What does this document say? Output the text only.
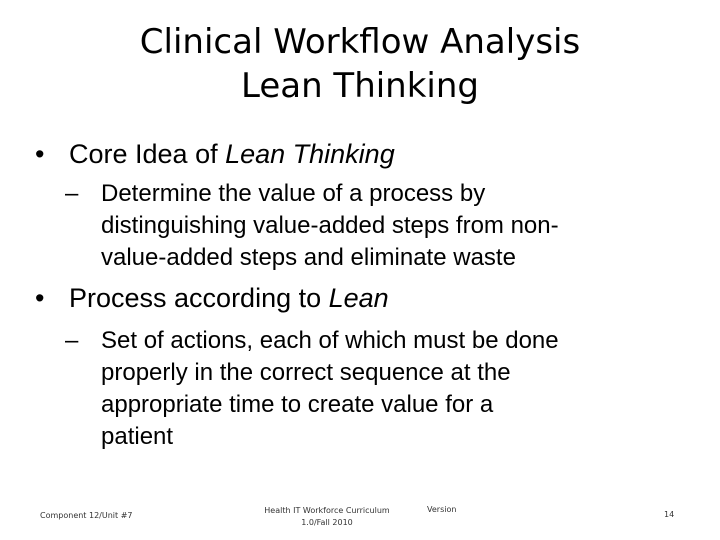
Clinical Workflow Analysis
Lean Thinking
• Core Idea of Lean Thinking
– Determine the value of a process by
distinguishing value-added steps from non-
value-added steps and eliminate waste
• Process according to Lean
– Set of actions, each of which must be done
properly in the correct sequence at the
appropriate time to create value for a
patient
Component 12/Unit #7
Health IT Workforce Curriculum
1.0/Fall 2010
Version
14
